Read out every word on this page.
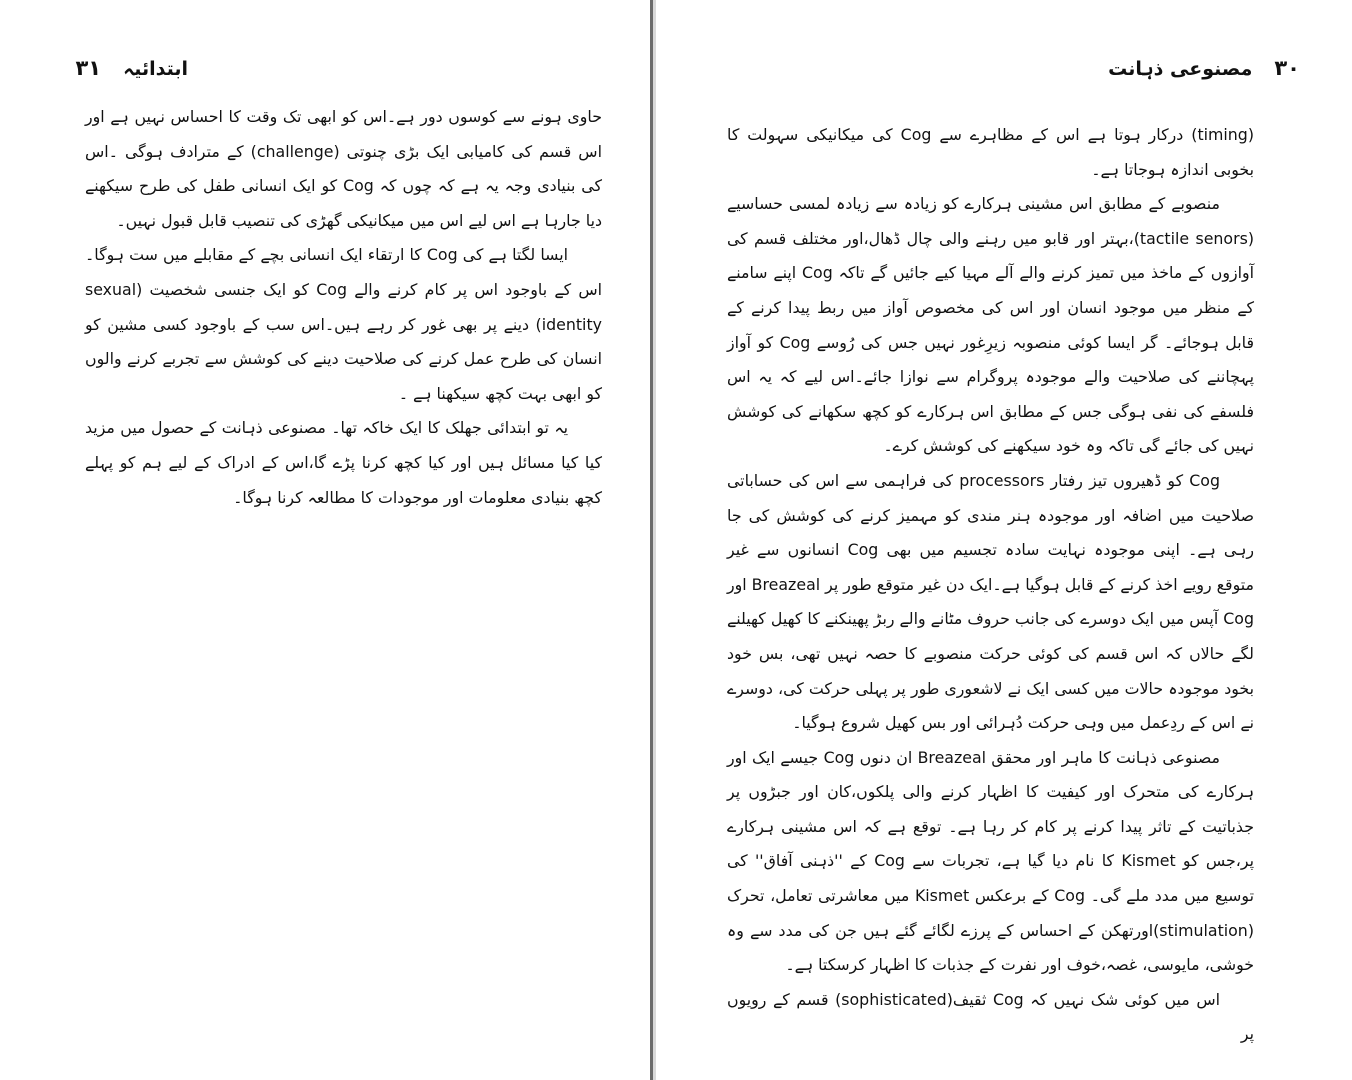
ابتدائیہ۳۱

حاوی ہونے سے کوسوں دور ہے۔اس کو ابھی تک وقت کا احساس نہیں ہے اور اس قسم کی کامیابی ایک بڑی چنوتی (challenge) کے مترادف ہوگی ۔اس کی بنیادی وجہ یہ ہے کہ چوں کہ Cog کو ایک انسانی طفل کی طرح سیکھنے دیا جارہا ہے اس لیے اس میں میکانیکی گھڑی کی تنصیب قابل قبول نہیں۔

ایسا لگتا ہے کی Cog کا ارتقاء ایک انسانی بچے کے مقابلے میں ست ہوگا۔ اس کے باوجود اس پر کام کرنے والے Cog کو ایک جنسی شخصیت (sexual identity) دینے پر بھی غور کر رہے ہیں۔اس سب کے باوجود کسی مشین کو انسان کی طرح عمل کرنے کی صلاحیت دینے کی کوشش سے تجربے کرنے والوں کو ابھی بہت کچھ سیکھنا ہے ۔

یہ تو ابتدائی جھلک کا ایک خاکہ تھا۔ مصنوعی ذہانت کے حصول میں مزید کیا کیا مسائل ہیں اور کیا کچھ کرنا پڑے گا،اس کے ادراک کے لیے ہم کو پہلے کچھ بنیادی معلومات اور موجودات کا مطالعہ کرنا ہوگا۔

۳۰مصنوعی ذہانت

(timing) درکار ہوتا ہے اس کے مظاہرے سے Cog کی میکانیکی سہولت کا بخوبی اندازہ ہوجاتا ہے۔

منصوبے کے مطابق اس مشینی ہرکارے کو زیادہ سے زیادہ لمسی حساسیے (tactile senors)،بہتر اور قابو میں رہنے والی چال ڈھال،اور مختلف قسم کی آوازوں کے ماخذ میں تمیز کرنے والے آلے مہیا کیے جائیں گے تاکہ Cog اپنے سامنے کے منظر میں موجود انسان اور اس کی مخصوص آواز میں ربط پیدا کرنے کے قابل ہوجائے۔ گر ایسا کوئی منصوبہ زیرِغور نہیں جس کی رُوسے Cog کو آواز پہچاننے کی صلاحیت والے موجودہ پروگرام سے نوازا جائے۔اس لیے کہ یہ اس فلسفے کی نفی ہوگی جس کے مطابق اس ہرکارے کو کچھ سکھانے کی کوشش نہیں کی جائے گی تاکہ وہ خود سیکھنے کی کوشش کرے۔

Cog کو ڈھیروں تیز رفتار processors کی فراہمی سے اس کی حساباتی صلاحیت میں اضافہ اور موجودہ ہنر مندی کو مہمیز کرنے کی کوشش کی جا رہی ہے۔ اپنی موجودہ نہایت سادہ تجسیم میں بھی Cog انسانوں سے غیر متوقع رویے اخذ کرنے کے قابل ہوگیا ہے۔ایک دن غیر متوقع طور پر Breazeal اور Cog آپس میں ایک دوسرے کی جانب حروف مٹانے والے ربڑ پھینکنے کا کھیل کھیلنے لگے حالاں کہ اس قسم کی کوئی حرکت منصوبے کا حصہ نہیں تھی، بس خود بخود موجودہ حالات میں کسی ایک نے لاشعوری طور پر پہلی حرکت کی، دوسرے نے اس کے ردِعمل میں وہی حرکت دُہرائی اور بس کھیل شروع ہوگیا۔

مصنوعی ذہانت کا ماہر اور محقق Breazeal ان دنوں Cog جیسے ایک اور ہرکارے کی متحرک اور کیفیت کا اظہار کرنے والی پلکوں،کان اور جبڑوں پر جذباتیت کے تاثر پیدا کرنے پر کام کر رہا ہے۔ توقع ہے کہ اس مشینی ہرکارے پر،جس کو Kismet کا نام دیا گیا ہے، تجربات سے Cog کے ''ذہنی آفاق'' کی توسیع میں مدد ملے گی۔ Cog کے برعکس Kismet میں معاشرتی تعامل، تحرک (stimulation)اورتھکن کے احساس کے پرزے لگائے گئے ہیں جن کی مدد سے وہ خوشی، مایوسی، غصہ،خوف اور نفرت کے جذبات کا اظہار کرسکتا ہے۔

اس میں کوئی شک نہیں کہ Cog ثقیف(sophisticated) قسم کے رویوں پر
